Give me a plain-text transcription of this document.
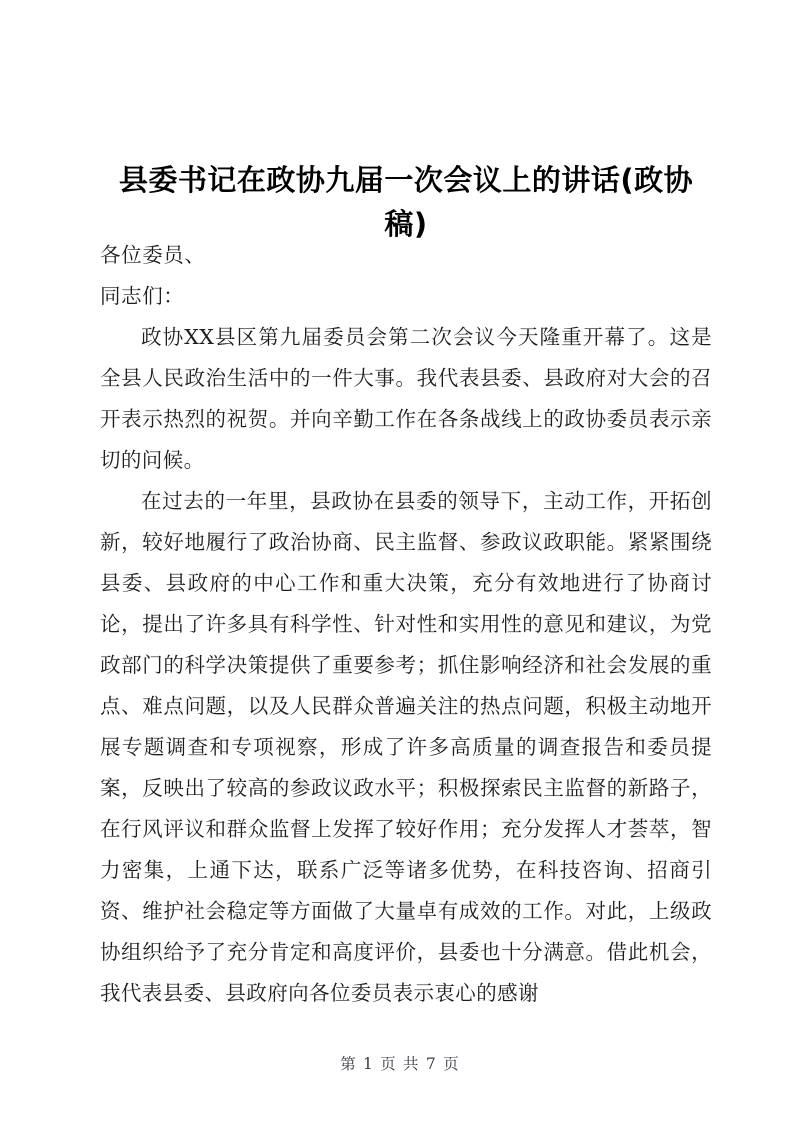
县委书记在政协九届一次会议上的讲话(政协稿)

各位委员、

同志们：

政协XX县区第九届委员会第二次会议今天隆重开幕了。这是全县人民政治生活中的一件大事。我代表县委、县政府对大会的召开表示热烈的祝贺。并向辛勤工作在各条战线上的政协委员表示亲切的问候。

在过去的一年里，县政协在县委的领导下，主动工作，开拓创新，较好地履行了政治协商、民主监督、参政议政职能。紧紧围绕县委、县政府的中心工作和重大决策，充分有效地进行了协商讨论，提出了许多具有科学性、针对性和实用性的意见和建议，为党政部门的科学决策提供了重要参考；抓住影响经济和社会发展的重点、难点问题，以及人民群众普遍关注的热点问题，积极主动地开展专题调查和专项视察，形成了许多高质量的调查报告和委员提案，反映出了较高的参政议政水平；积极探索民主监督的新路子，在行风评议和群众监督上发挥了较好作用；充分发挥人才荟萃，智力密集，上通下达，联系广泛等诸多优势，在科技咨询、招商引资、维护社会稳定等方面做了大量卓有成效的工作。对此，上级政协组织给予了充分肯定和高度评价，县委也十分满意。借此机会，我代表县委、县政府向各位委员表示衷心的感谢

第 1 页 共 7 页
